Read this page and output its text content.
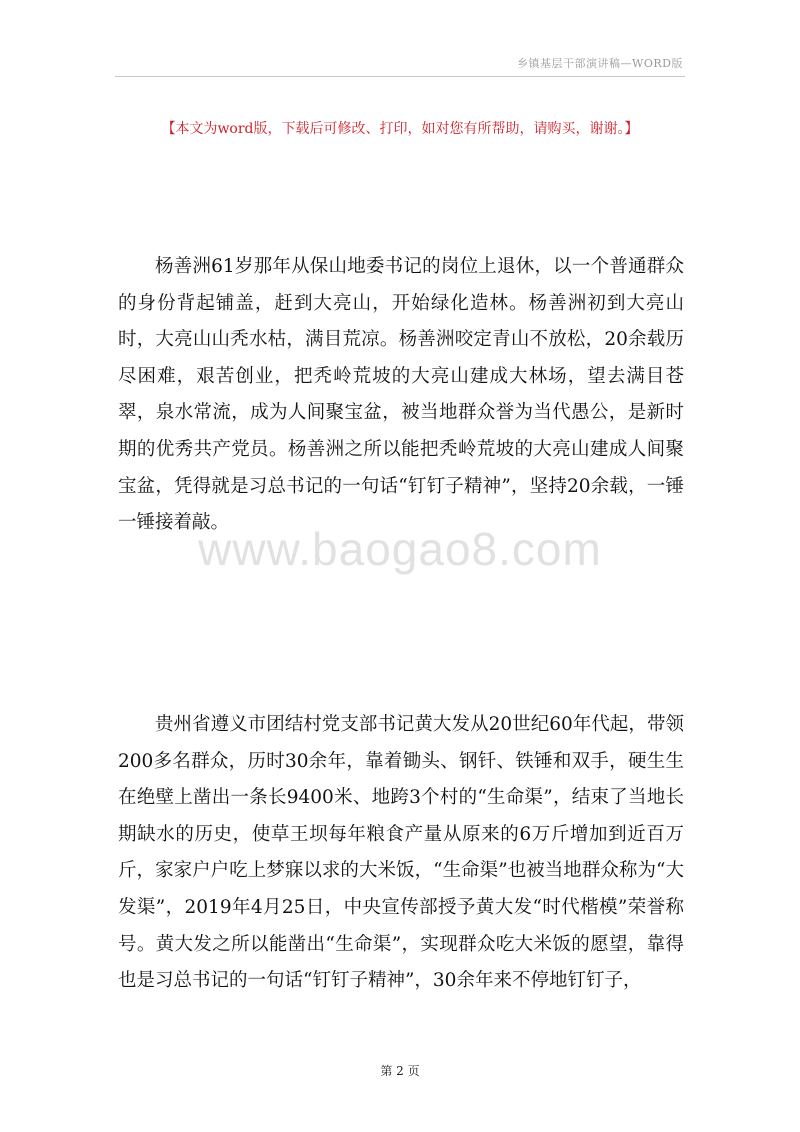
乡镇基层干部演讲稿—WORD版
【本文为word版，下载后可修改、打印，如对您有所帮助，请购买，谢谢。】

杨善洲61岁那年从保山地委书记的岗位上退休，以一个普通群众的身份背起铺盖，赶到大亮山，开始绿化造林。杨善洲初到大亮山时，大亮山山秃水枯，满目荒凉。杨善洲咬定青山不放松，20余载历尽困难，艰苦创业，把秃岭荒坡的大亮山建成大林场，望去满目苍翠，泉水常流，成为人间聚宝盆，被当地群众誉为当代愚公，是新时期的优秀共产党员。杨善洲之所以能把秃岭荒坡的大亮山建成人间聚宝盆，凭得就是习总书记的一句话“钉钉子精神”，坚持20余载，一锤一锤接着敲。

www.baogao8.com

贵州省遵义市团结村党支部书记黄大发从20世纪60年代起，带领200多名群众，历时30余年，靠着锄头、钢钎、铁锤和双手，硬生生在绝壁上凿出一条长9400米、地跨3个村的“生命渠”，结束了当地长期缺水的历史，使草王坝每年粮食产量从原来的6万斤增加到近百万斤，家家户户吃上梦寐以求的大米饭，“生命渠”也被当地群众称为“大发渠”，2019年4月25日，中央宣传部授予黄大发“时代楷模”荣誉称号。黄大发之所以能凿出“生命渠”，实现群众吃大米饭的愿望，靠得也是习总书记的一句话“钉钉子精神”，30余年来不停地钉钉子，

第 2 页
